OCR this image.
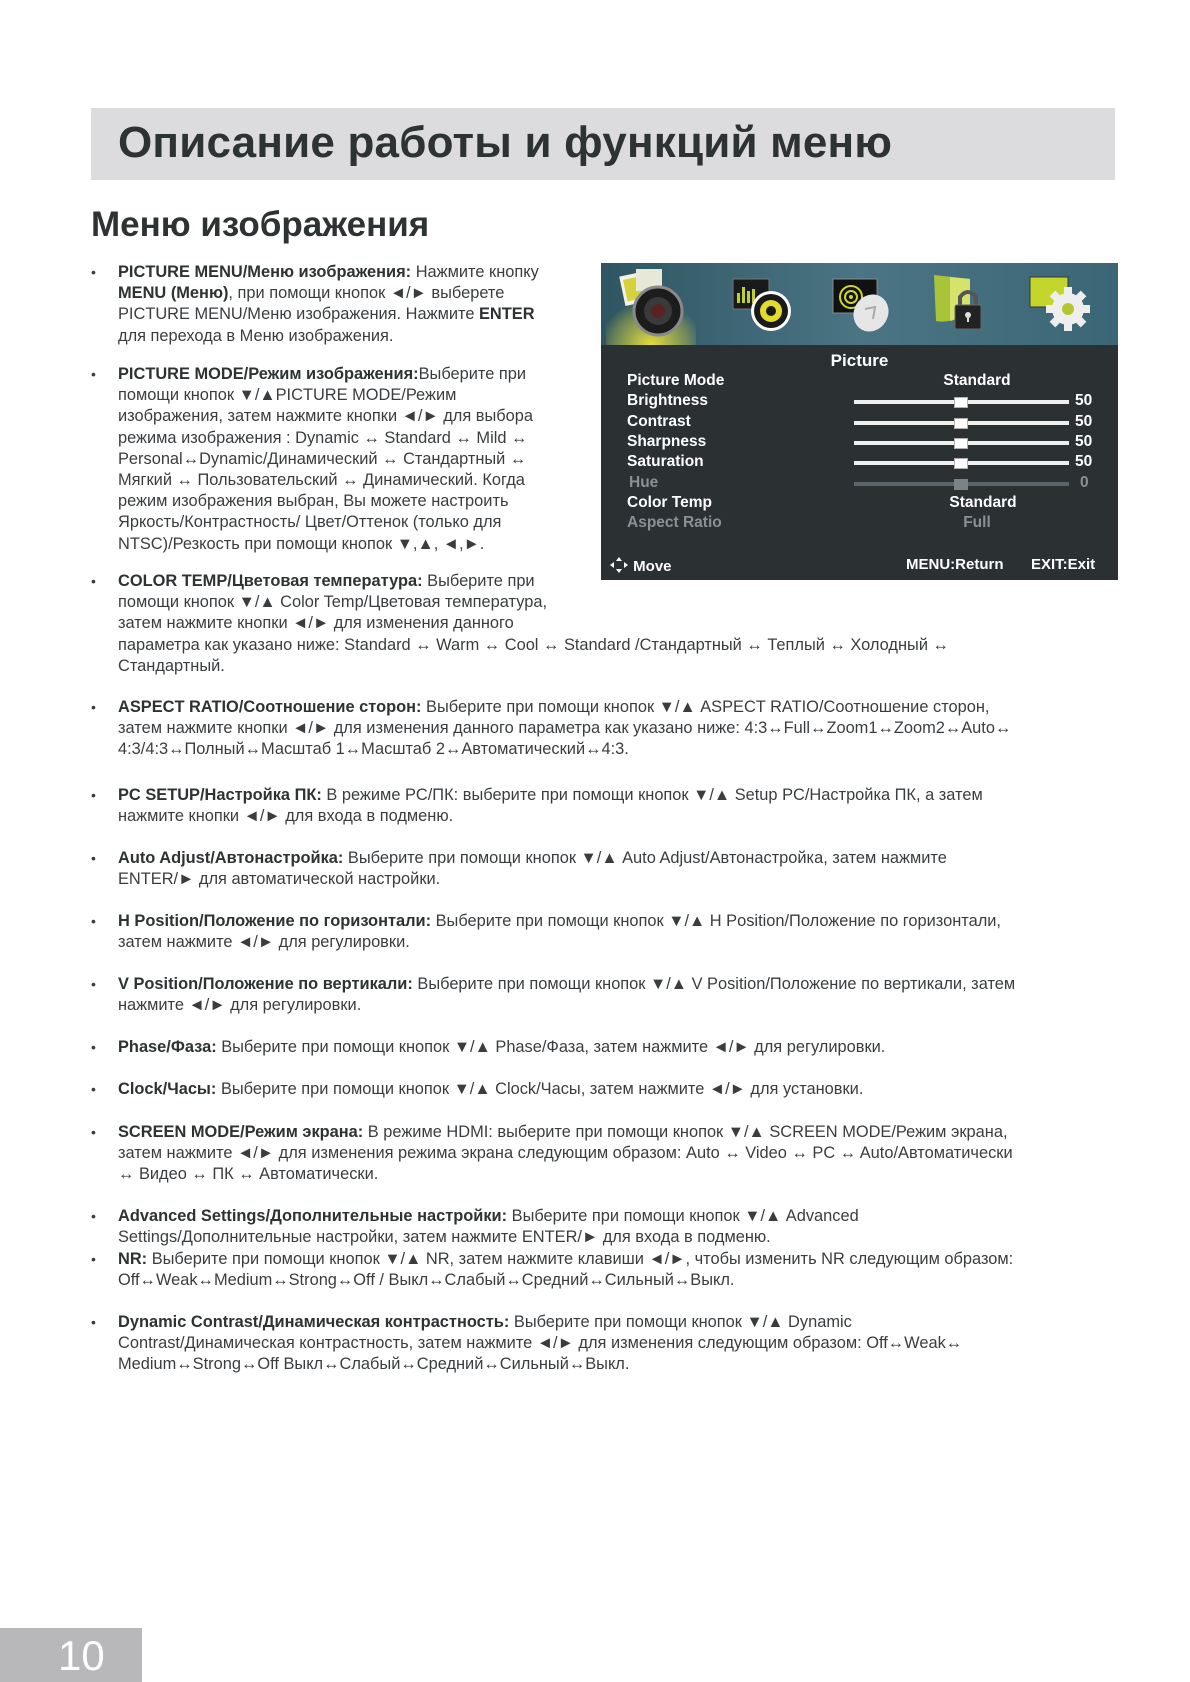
Описание работы и функций меню
Меню изображения
•	PICTURE MENU/Меню изображения: Нажмите кнопку
MENU (Меню), при помощи кнопок ◄/► выберете
PICTURE MENU/Меню изображения. Нажмите ENTER
для перехода в Меню изображения.
•	PICTURE MODE/Режим изображения:Выберите при
помощи кнопок ▼/▲PICTURE MODE/Режим
изображения, затем нажмите кнопки ◄/► для выбора
режима изображения : Dynamic ↔ Standard ↔ Mild ↔
Personal↔Dynamic/Динамический ↔ Стандартный ↔
Мягкий ↔ Пользовательский ↔ Динамический. Когда
режим изображения выбран, Вы можете настроить
Яркость/Контрастность/ Цвет/Оттенок (только для
NTSC)/Резкость при помощи кнопок ▼,▲, ◄,►.
•	COLOR TEMP/Цветовая температура: Выберите при
помощи кнопок ▼/▲ Color Temp/Цветовая температура,
затем нажмите кнопки ◄/► для изменения данного
параметра как указано ниже: Standard ↔ Warm ↔ Cool ↔ Standard /Стандартный ↔ Теплый ↔ Холодный ↔
Стандартный.
•	ASPECT RATIO/Соотношение сторон: Выберите при помощи кнопок ▼/▲ ASPECT RATIO/Соотношение сторон,
затем нажмите кнопки ◄/► для изменения данного параметра как указано ниже: 4:3↔Full↔Zoom1↔Zoom2↔Auto↔
4:3/4:3↔Полный↔Масштаб 1↔Масштаб 2↔Автоматический↔4:3.
•	PC SETUP/Настройка ПК: В режиме PC/ПК: выберите при помощи кнопок ▼/▲ Setup PC/Настройка ПК, а затем
нажмите кнопки ◄/► для входа в подменю.
•	Auto Adjust/Автонастройка: Выберите при помощи кнопок ▼/▲ Auto Adjust/Автонастройка, затем нажмите
ENTER/► для автоматической настройки.
•	H Position/Положение по горизонтали: Выберите при помощи кнопок ▼/▲ H Position/Положение по горизонтали,
затем нажмите ◄/► для регулировки.
•	V Position/Положение по вертикали: Выберите при помощи кнопок ▼/▲ V Position/Положение по вертикали, затем
нажмите ◄/► для регулировки.
•	Phase/Фаза: Выберите при помощи кнопок ▼/▲ Phase/Фаза, затем нажмите ◄/► для регулировки.
•	Clock/Часы: Выберите при помощи кнопок ▼/▲ Clock/Часы, затем нажмите ◄/► для установки.
•	SCREEN MODE/Режим экрана: В режиме HDMI: выберите при помощи кнопок ▼/▲ SCREEN MODE/Режим экрана,
затем нажмите ◄/► для изменения режима экрана следующим образом: Auto ↔ Video ↔ PC ↔ Auto/Автоматически
↔ Видео ↔ ПК ↔ Автоматически.
•	Advanced Settings/Дополнительные настройки: Выберите при помощи кнопок ▼/▲ Advanced
Settings/Дополнительные настройки, затем нажмите ENTER/► для входа в подменю.
•	NR: Выберите при помощи кнопок ▼/▲ NR, затем нажмите клавиши ◄/►, чтобы изменить NR следующим образом:
Off↔Weak↔Medium↔Strong↔Off / Выкл↔Слабый↔Средний↔Сильный↔Выкл.
•	Dynamic Contrast/Динамическая контрастность: Выберите при помощи кнопок ▼/▲ Dynamic
Contrast/Динамическая контрастность, затем нажмите ◄/► для изменения следующим образом: Off↔Weak↔
Medium↔Strong↔Off Выкл↔Слабый↔Средний↔Сильный↔Выкл.
Picture
Picture Mode	Standard
Brightness	50
Contrast	50
Sharpness	50
Saturation	50
Hue	0
Color Temp	Standard
Aspect Ratio	Full
Move	MENU:Return EXIT:Exit
10
